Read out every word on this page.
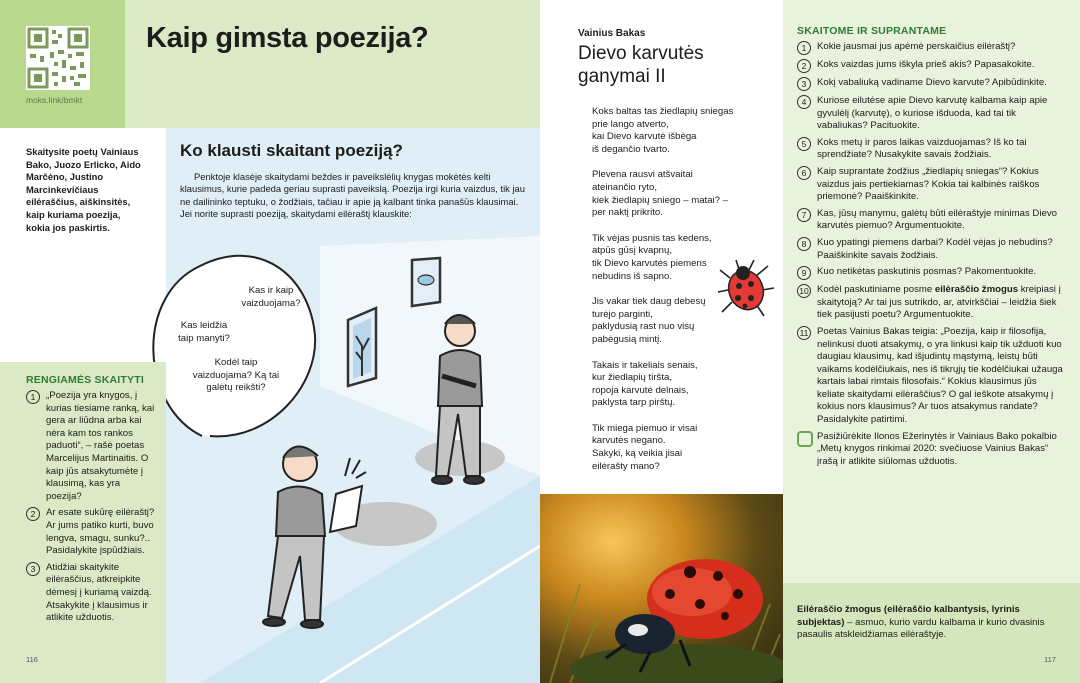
moks.link/bmkt
Kaip gimsta poezija?
Skaitysite poetų Vainiaus Bako, Juozo Erlicko, Aido Marčėno, Justino Marcinkevičiaus eilėraščius, aiškinsitės, kaip kuriama poezija, kokia jos paskirtis.
Ko klausti skaitant poeziją?
Penktoje klasėje skaitydami beždes ir paveikslėlių knygas mokėtės kelti klausimus, kurie padeda geriau suprasti paveikslą. Poezija irgi kuria vaizdus, tik jau ne dailininko teptuku, o žodžiais, tačiau ir apie ją kalbant tinka panašūs klausimai. Jei norite suprasti poeziją, skaitydami eilėraštį klauskite:
Kas ir kaip vaizduojama?
Kas leidžia taip manyti?
Kodėl taip vaizduojama? Ką tai galėtų reikšti?
RENGIAMĖS SKAITYTI
1	„Poezija yra knygos, į kurias tiesiame ranką, kai gera ar liūdna arba kai nėra kam tos rankos paduoti“, – rašė poetas Marcelijus Martinaitis. O kaip jūs atsakytumėte į klausimą, kas yra poezija?
2	Ar esate sukūrę eilėraštį? Ar jums patiko kurti, buvo lengva, smagu, sunku?.. Pasidalykite įspūdžiais.
3	Atidžiai skaitykite eilėraščius, atkreipkite dėmesį į kuriamą vaizdą. Atsakykite į klausimus ir atlikite užduotis.
116
Vainius Bakas
Dievo karvutės ganymai II
Koks baltas tas žiedlapių sniegas
prie lango atverto,
kai Dievo karvutė išbėga
iš degančio tvarto.
Plevena rausvi atšvaitai
ateinančio ryto,
kiek žiedlapių sniego – matai? –
per naktį prikrito.
Tik vėjas pusnis tas kedens,
atpūs gūsį kvapnų,
tik Dievo karvutės piemens
nebudins iš sapno.
Jis vakar tiek daug debesų
turėjo parginti,
paklydusią rast nuo visų
pabėgusią mintį.
Takais ir takeliais senais,
kur žiedlapių tiršta,
ropoja karvutė delnais,
paklysta tarp pirštų.
Tik miega piemuo ir visai
karvutės negano.
Sakyki, ką veikia jisai
eilėrašty mano?
SKAITOME IR SUPRANTAME
1	Kokie jausmai jus apėmė perskaičius eilėraštį?
2	Koks vaizdas jums iškyla prieš akis? Papasakokite.
3	Kokį vabaliuką vadiname Dievo karvute? Apibūdinkite.
4	Kuriose eilutėse apie Dievo karvutę kalbama kaip apie gyvulėlį (karvutę), o kuriose išduoda, kad tai tik vabaliukas? Pacituokite.
5	Koks metų ir paros laikas vaizduojamas? Iš ko tai sprendžiate? Nusakykite savais žodžiais.
6	Kaip suprantate žodžius „žiedlapių sniegas“? Kokius vaizdus jais pertiekiamas? Kokia tai kalbinės raiškos priemonė? Paaiškinkite.
7	Kas, jūsų manymu, galėtų būti eilėraštyje minimas Dievo karvutės piemuo? Argumentuokite.
8	Kuo ypatingi piemens darbai? Kodėl vėjas jo nebudins? Paaiškinkite savais žodžiais.
9	Kuo netikėtas paskutinis posmas? Pakomentuokite.
10 Kodėl paskutiniame posme eilėraščio žmogus kreipiasi į skaitytoją? Ar tai jus sutrikdo, ar, atvirkščiai – leidžia šiek tiek pasijusti poetu? Argumentuokite.
11 Poetas Vainius Bakas teigia: „Poezija, kaip ir filosofija, nelinkusi duoti atsakymų, o yra linkusi kaip tik užduoti kuo daugiau klausimų, kad išjudintų mąstymą, leistų būti vaikams kodėlčiukais, nes iš tikrųjų tie kodėlčiukai užauga kartais labai rimtais filosofais.“ Kokius klausimus jūs keliate skaitydami eilėraščius? O gal ieškote atsakymų į kokius nors klausimus? Ar tuos atsakymus randate? Pasidalykite patirtimi.
Pasižiūrėkite Ilonos Ežerinytės ir Vainiaus Bako pokalbio „Metų knygos rinkimai 2020: svečiuose Vainius Bakas“ įrašą ir atlikite siūlomas užduotis.
Eilėraščio žmogus (eilėraščio kalbantysis, lyrinis subjektas) – asmuo, kurio vardu kalbama ir kurio dvasinis pasaulis atskleidžiamas eilėraštyje.
117
